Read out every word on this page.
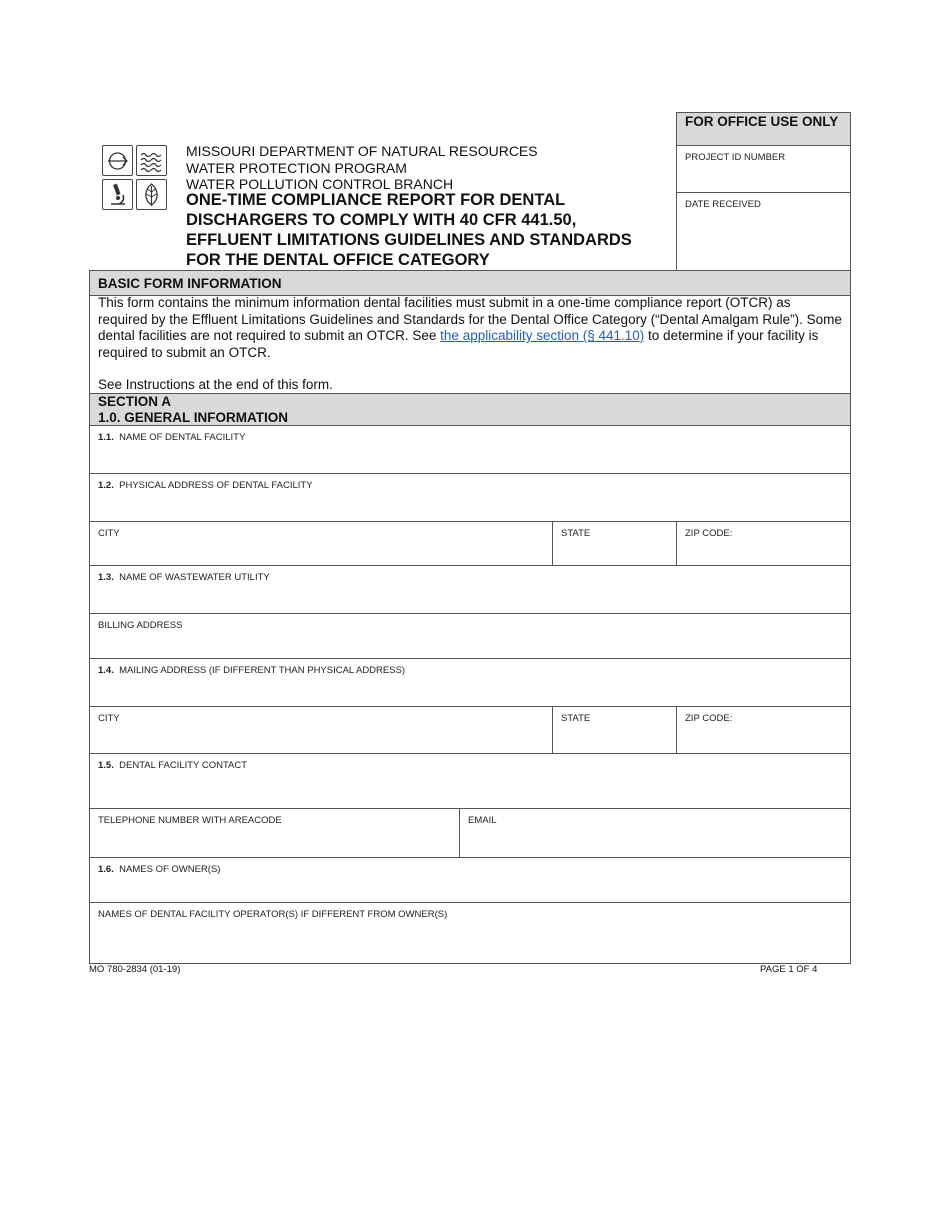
FOR OFFICE USE ONLY
PROJECT ID NUMBER
DATE RECEIVED
MISSOURI DEPARTMENT OF NATURAL RESOURCES
WATER PROTECTION PROGRAM
WATER POLLUTION CONTROL BRANCH
ONE-TIME COMPLIANCE REPORT FOR DENTAL
DISCHARGERS TO COMPLY WITH 40 CFR 441.50,
EFFLUENT LIMITATIONS GUIDELINES AND STANDARDS
FOR THE DENTAL OFFICE CATEGORY
BASIC FORM INFORMATION
This form contains the minimum information dental facilities must submit in a one-time compliance report (OTCR) as required by the Effluent Limitations Guidelines and Standards for the Dental Office Category (“Dental Amalgam Rule”). Some dental facilities are not required to submit an OTCR. See the applicability section (§ 441.10) to determine if your facility is required to submit an OTCR.
See Instructions at the end of this form.
SECTION A
1.0. GENERAL INFORMATION
1.1. NAME OF DENTAL FACILITY
1.2. PHYSICAL ADDRESS OF DENTAL FACILITY
CITY	STATE	ZIP CODE:
1.3. NAME OF WASTEWATER UTILITY
BILLING ADDRESS
1.4. MAILING ADDRESS (IF DIFFERENT THAN PHYSICAL ADDRESS)
CITY	STATE	ZIP CODE:
1.5. DENTAL FACILITY CONTACT
TELEPHONE NUMBER WITH AREACODE	EMAIL
1.6. NAMES OF OWNER(S)
NAMES OF DENTAL FACILITY OPERATOR(S) IF DIFFERENT FROM OWNER(S)
MO 780-2834 (01-19)	PAGE 1 OF 4
